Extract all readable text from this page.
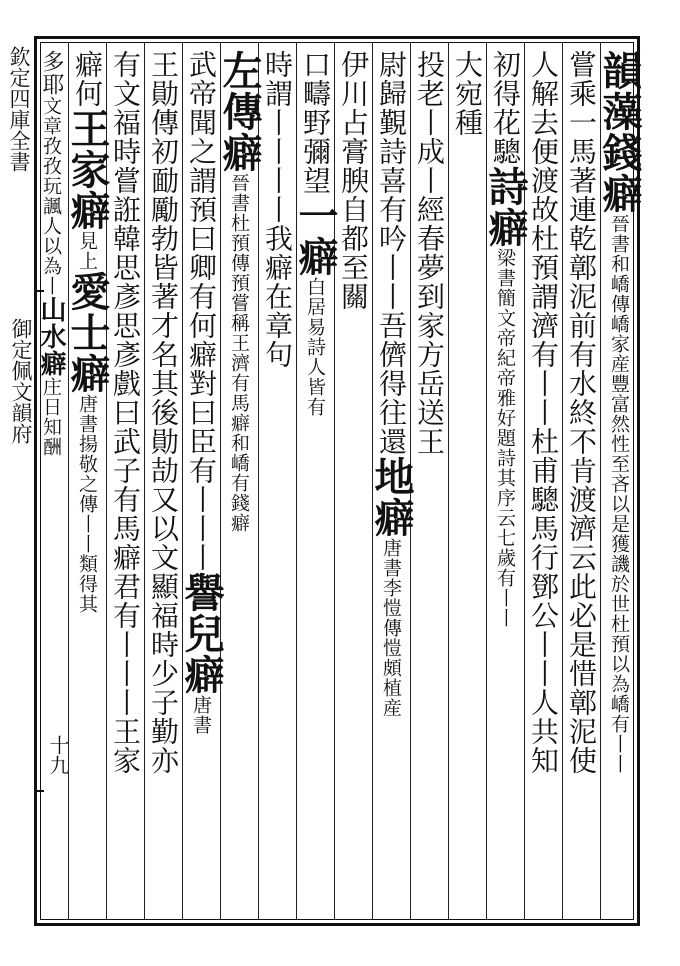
欽定四庫全書
御定佩文韻府
十九
韻藻錢癖晉書和嶠傳嶠家産豐富然性至吝以是獲譏於世杜預以為嶠有丨丨
嘗乘一馬著連乾鄣泥前有水終不肯渡濟云此必是惜鄣泥使
人解去便渡故杜預謂濟有丨丨杜甫驄馬行鄧公丨丨人共知
初得花驄詩癖梁書簡文帝紀帝雅好題詩其序云七歲有丨丨
大宛種
投老丨成丨經春夢到家方岳送王
尉歸覲詩喜有吟丨丨吾儕得往還地癖唐書李愷傳愷頗植産
伊川占膏腴自都至關
口疇野彌望一癖白居易詩人皆有
時謂丨丨丨丨我癖在章句
左傳癖晉書杜預傳預嘗稱王濟有馬癖和嶠有錢癖
武帝聞之謂預曰卿有何癖對曰臣有丨丨丨譽兒癖唐書
王勛傳初勔勵勃皆著才名其後勛劼又以文顯福時少子勤亦
有文福時嘗誑韓思彥思彥戲曰武子有馬癖君有丨丨丨王家
癖何王家癖見上愛士癖唐書揚敬之傳丨丨類得其
多耶文章孜孜玩諷人以為丨山水癖庄日知酬
